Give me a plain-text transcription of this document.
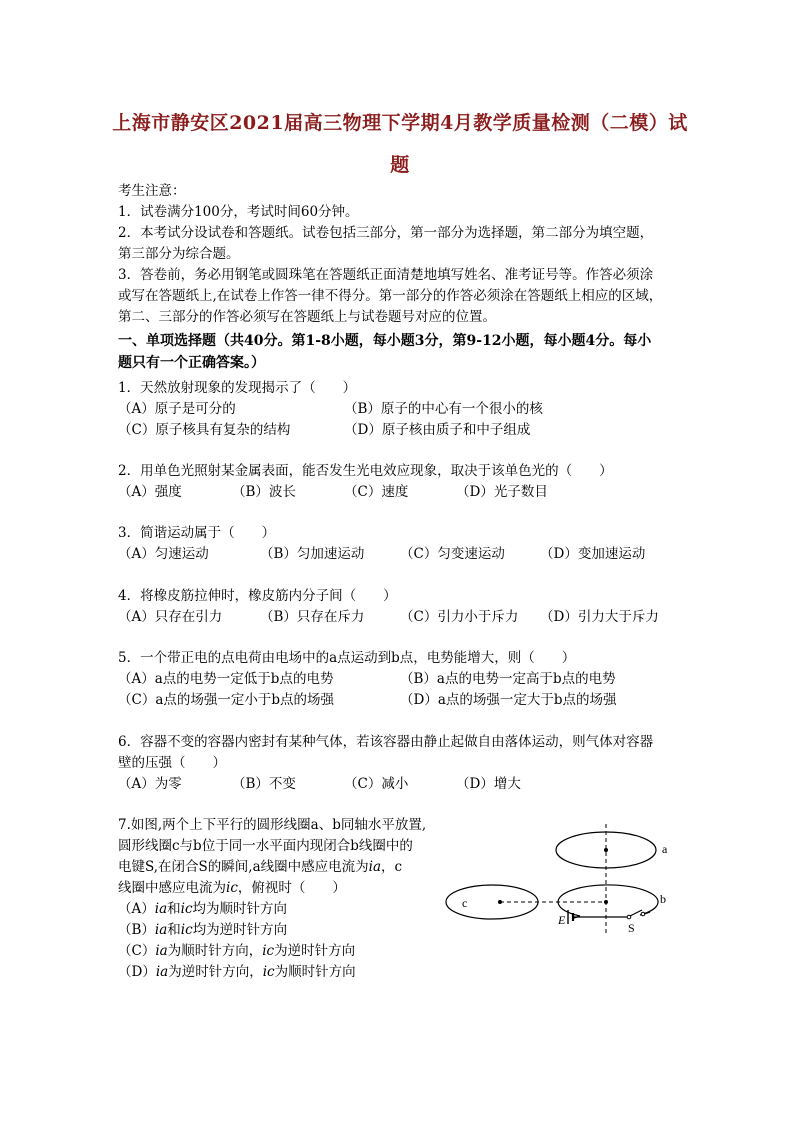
上海市静安区2021届高三物理下学期4月教学质量检测（二模）试
题
考生注意：
1．试卷满分100分，考试时间60分钟。
2．本考试分设试卷和答题纸。试卷包括三部分，第一部分为选择题，第二部分为填空题，
第三部分为综合题。
3．答卷前，务必用钢笔或圆珠笔在答题纸正面清楚地填写姓名、准考证号等。作答必须涂
或写在答题纸上,在试卷上作答一律不得分。第一部分的作答必须涂在答题纸上相应的区域，
第二、三部分的作答必须写在答题纸上与试卷题号对应的位置。
一、单项选择题（共40分。第1-8小题，每小题3分，第9-12小题，每小题4分。每小
题只有一个正确答案。）
1．天然放射现象的发现揭示了（　　）
（A）原子是可分的	（B）原子的中心有一个很小的核
（C）原子核具有复杂的结构	（D）原子核由质子和中子组成
2．用单色光照射某金属表面，能否发生光电效应现象，取决于该单色光的（　　）
（A）强度	（B）波长	（C）速度	（D）光子数目
3．简谐运动属于（　　）
（A）匀速运动	（B）匀加速运动	（C）匀变速运动	（D）变加速运动
4．将橡皮筋拉伸时，橡皮筋内分子间（　　）
（A）只存在引力	（B）只存在斥力	（C）引力小于斥力 （D）引力大于斥力
5．一个带正电的点电荷由电场中的a点运动到b点，电势能增大，则（　　）
（A）a点的电势一定低于b点的电势	（B）a点的电势一定高于b点的电势
（C）a点的场强一定小于b点的场强	（D）a点的场强一定大于b点的场强
6．容器不变的容器内密封有某种气体，若该容器由静止起做自由落体运动，则气体对容器
壁的压强（　　）
（A）为零	（B）不变	（C）减小	（D）增大
7.如图,两个上下平行的圆形线圈a、b同轴水平放置,
圆形线圈c与b位于同一水平面内现闭合b线圈中的
电键S,在闭合S的瞬间,a线圈中感应电流为ia，c
线圈中感应电流为ic，俯视时（　　）
（A）ia和ic均为顺时针方向
（B）ia和ic均为逆时针方向
（C）ia为顺时针方向，ic为逆时针方向
（D）ia为逆时针方向，ic为顺时针方向
a
c	b
E
S
